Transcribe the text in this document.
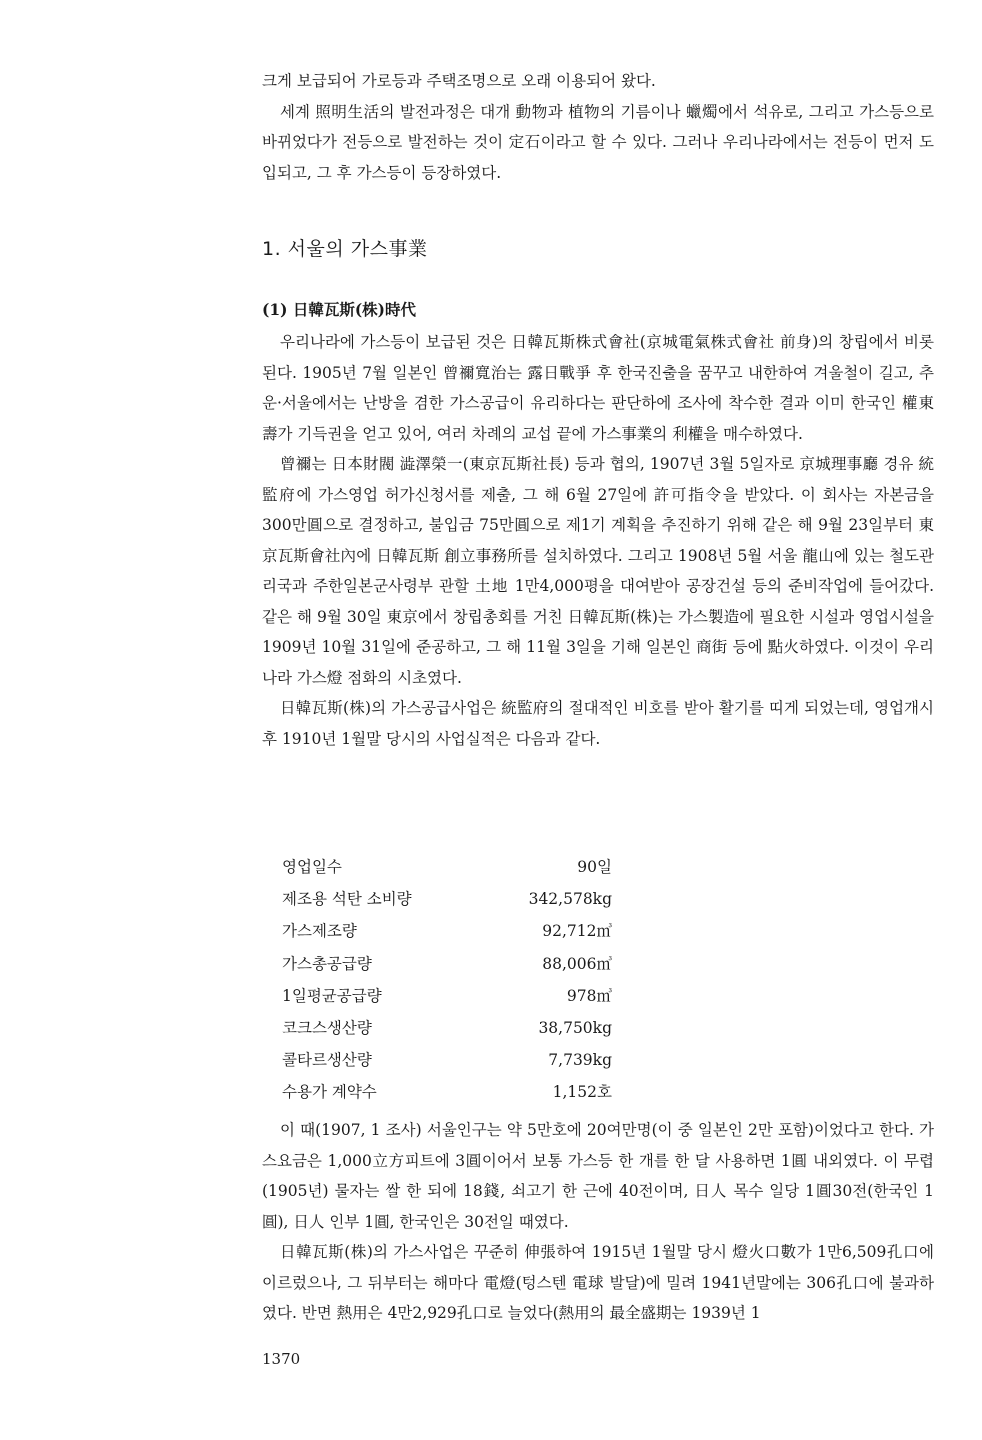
크게 보급되어 가로등과 주택조명으로 오래 이용되어 왔다.

세계 照明生活의 발전과정은 대개 動物과 植物의 기름이나 蠟燭에서 석유로, 그리고 가스등으로 바뀌었다가 전등으로 발전하는 것이 定石이라고 할 수 있다. 그러나 우리나라에서는 전등이 먼저 도입되고, 그 후 가스등이 등장하였다.

1. 서울의 가스事業
(1) 日韓瓦斯(株)時代

우리나라에 가스등이 보급된 것은 日韓瓦斯株式會社(京城電氣株式會社 前身)의 창립에서 비롯된다. 1905년 7월 일본인 曾禰寬治는 露日戰爭 후 한국진출을 꿈꾸고 내한하여 겨울철이 길고, 추운·서울에서는 난방을 겸한 가스공급이 유리하다는 판단하에 조사에 착수한 결과 이미 한국인 權東壽가 기득권을 얻고 있어, 여러 차례의 교섭 끝에 가스事業의 利權을 매수하였다.

曾禰는 日本財閥 澁澤榮一(東京瓦斯社長) 등과 협의, 1907년 3월 5일자로 京城理事廳 경유 統監府에 가스영업 허가신청서를 제출, 그 해 6월 27일에 許可指令을 받았다. 이 회사는 자본금을 300만圓으로 결정하고, 불입금 75만圓으로 제1기 계획을 추진하기 위해 같은 해 9월 23일부터 東京瓦斯會社內에 日韓瓦斯 創立事務所를 설치하였다. 그리고 1908년 5월 서울 龍山에 있는 철도관리국과 주한일본군사령부 관할 土地 1만4,000평을 대여받아 공장건설 등의 준비작업에 들어갔다. 같은 해 9월 30일 東京에서 창립총회를 거친 日韓瓦斯(株)는 가스製造에 필요한 시설과 영업시설을 1909년 10월 31일에 준공하고, 그 해 11월 3일을 기해 일본인 商街 등에 點火하였다. 이것이 우리나라 가스燈 점화의 시초였다.

日韓瓦斯(株)의 가스공급사업은 統監府의 절대적인 비호를 받아 활기를 띠게 되었는데, 영업개시 후 1910년 1월말 당시의 사업실적은 다음과 같다.

영업일수	90일
제조용 석탄 소비량	342,578kg
가스제조량	92,712㎥
가스총공급량	88,006㎥
1일평균공급량	978㎥
코크스생산량	38,750kg
콜타르생산량	7,739kg
수용가 계약수	1,152호

이 때(1907, 1 조사) 서울인구는 약 5만호에 20여만명(이 중 일본인 2만 포함)이었다고 한다. 가스요금은 1,000立方피트에 3圓이어서 보통 가스등 한 개를 한 달 사용하면 1圓 내외였다. 이 무렵(1905년) 물자는 쌀 한 되에 18錢, 쇠고기 한 근에 40전이며, 日人 목수 일당 1圓30전(한국인 1圓), 日人 인부 1圓, 한국인은 30전일 때였다.

日韓瓦斯(株)의 가스사업은 꾸준히 伸張하여 1915년 1월말 당시 燈火口數가 1만6,509孔口에 이르렀으나, 그 뒤부터는 해마다 電燈(텅스텐 電球 발달)에 밀려 1941년말에는 306孔口에 불과하였다. 반면 熱用은 4만2,929孔口로 늘었다(熱用의 最全盛期는 1939년 1

1370
